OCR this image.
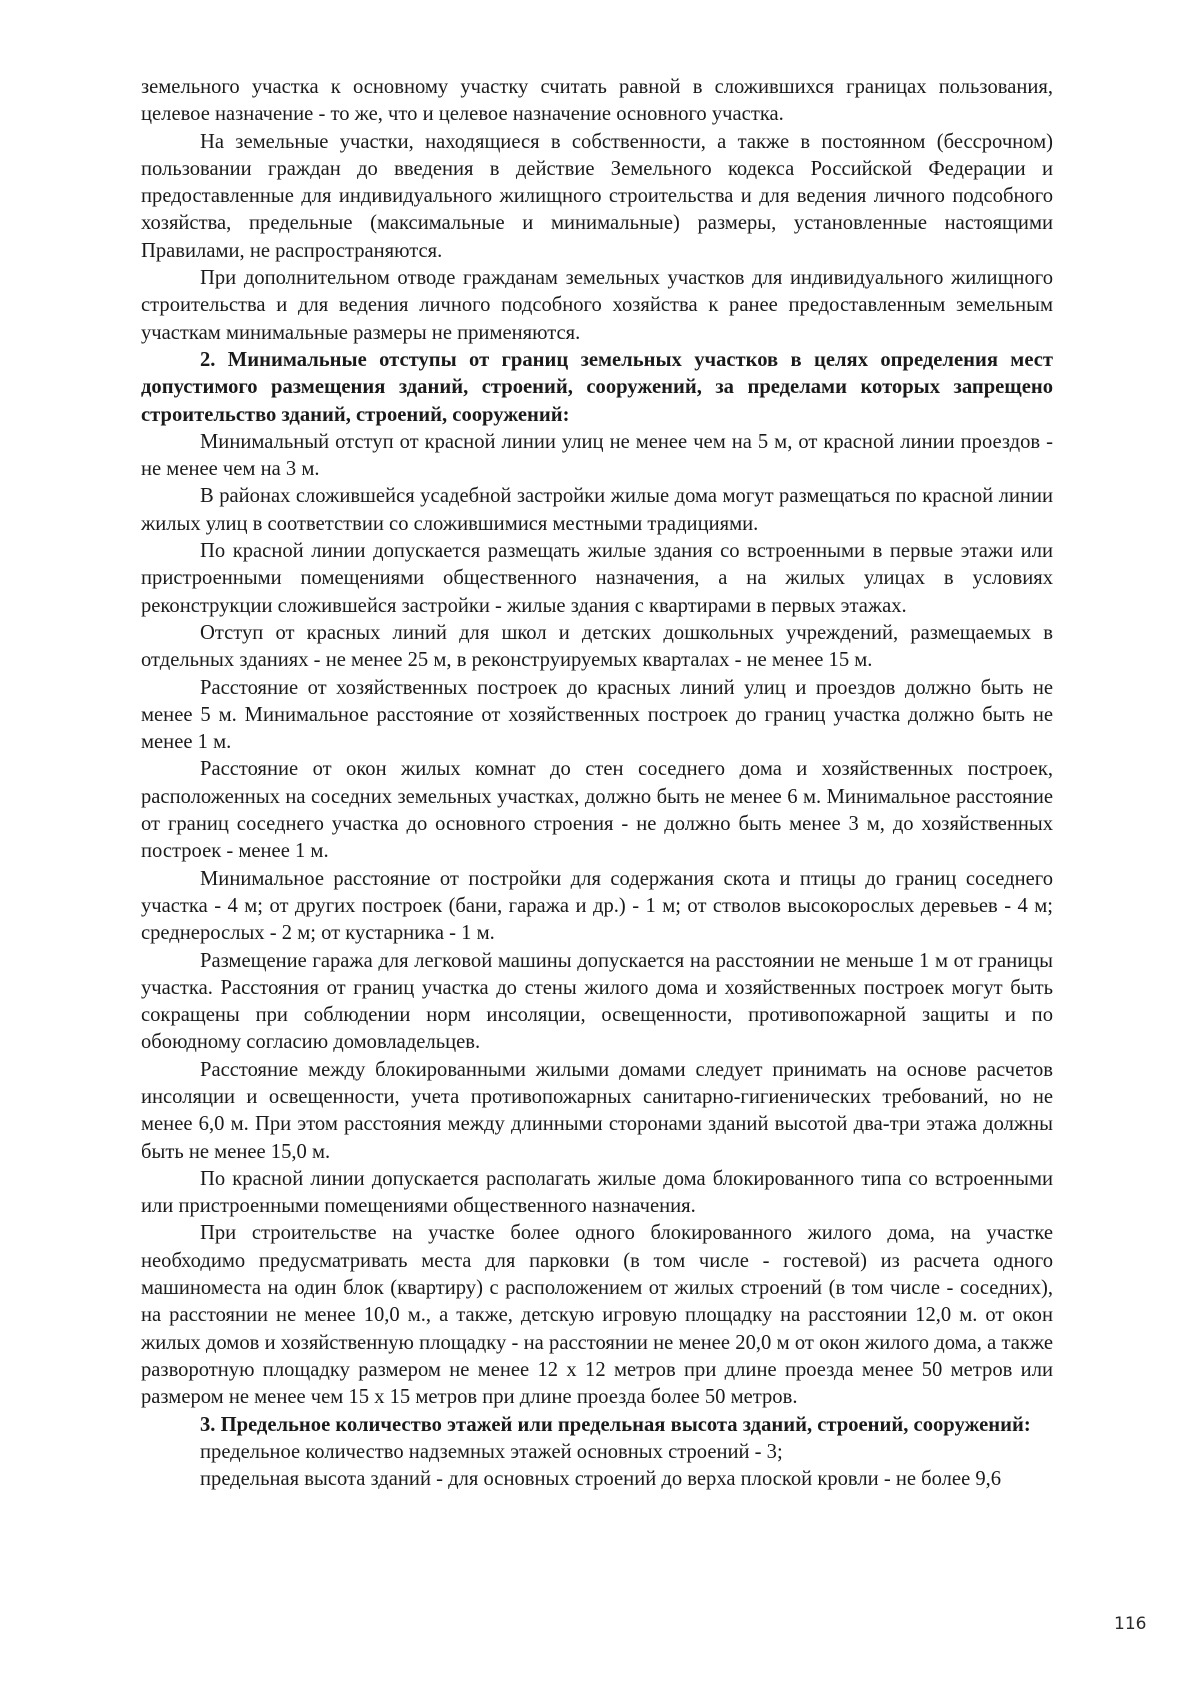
земельного участка к основному участку считать равной в сложившихся границах пользования, целевое назначение - то же, что и целевое назначение основного участка.

На земельные участки, находящиеся в собственности, а также в постоянном (бессрочном) пользовании граждан до введения в действие Земельного кодекса Российской Федерации и предоставленные для индивидуального жилищного строительства и для ведения личного подсобного хозяйства, предельные (максимальные и минимальные) размеры, установленные настоящими Правилами, не распространяются.

При дополнительном отводе гражданам земельных участков для индивидуального жилищного строительства и для ведения личного подсобного хозяйства к ранее предоставленным земельным участкам минимальные размеры не применяются.

2. Минимальные отступы от границ земельных участков в целях определения мест допустимого размещения зданий, строений, сооружений, за пределами которых запрещено строительство зданий, строений, сооружений:

Минимальный отступ от красной линии улиц не менее чем на 5 м, от красной линии проездов - не менее чем на 3 м.

В районах сложившейся усадебной застройки жилые дома могут размещаться по красной линии жилых улиц в соответствии со сложившимися местными традициями.

По красной линии допускается размещать жилые здания со встроенными в первые этажи или пристроенными помещениями общественного назначения, а на жилых улицах в условиях реконструкции сложившейся застройки - жилые здания с квартирами в первых этажах.

Отступ от красных линий для школ и детских дошкольных учреждений, размещаемых в отдельных зданиях - не менее 25 м, в реконструируемых кварталах - не менее 15 м.

Расстояние от хозяйственных построек до красных линий улиц и проездов должно быть не менее 5 м. Минимальное расстояние от хозяйственных построек до границ участка должно быть не менее 1 м.

Расстояние от окон жилых комнат до стен соседнего дома и хозяйственных построек, расположенных на соседних земельных участках, должно быть не менее 6 м. Минимальное расстояние от границ соседнего участка до основного строения - не должно быть менее 3 м, до хозяйственных построек - менее 1 м.

Минимальное расстояние от постройки для содержания скота и птицы до границ соседнего участка - 4 м; от других построек (бани, гаража и др.) - 1 м; от стволов высокорослых деревьев - 4 м; среднерослых - 2 м; от кустарника - 1 м.

Размещение гаража для легковой машины допускается на расстоянии не меньше 1 м от границы участка. Расстояния от границ участка до стены жилого дома и хозяйственных построек могут быть сокращены при соблюдении норм инсоляции, освещенности, противопожарной защиты и по обоюдному согласию домовладельцев.

Расстояние между блокированными жилыми домами следует принимать на основе расчетов инсоляции и освещенности, учета противопожарных санитарно-гигиенических требований, но не менее 6,0 м. При этом расстояния между длинными сторонами зданий высотой два-три этажа должны быть не менее 15,0 м.

По красной линии допускается располагать жилые дома блокированного типа со встроенными или пристроенными помещениями общественного назначения.

При строительстве на участке более одного блокированного жилого дома, на участке необходимо предусматривать места для парковки (в том числе - гостевой) из расчета одного машиноместа на один блок (квартиру) с расположением от жилых строений (в том числе - соседних), на расстоянии не менее 10,0 м., а также, детскую игровую площадку на расстоянии 12,0 м. от окон жилых домов и хозяйственную площадку - на расстоянии не менее 20,0 м от окон жилого дома, а также разворотную площадку размером не менее 12 x 12 метров при длине проезда менее 50 метров или размером не менее чем 15 x 15 метров при длине проезда более 50 метров.

3. Предельное количество этажей или предельная высота зданий, строений, сооружений:

предельное количество надземных этажей основных строений - 3;

предельная высота зданий - для основных строений до верха плоской кровли - не более 9,6

116
